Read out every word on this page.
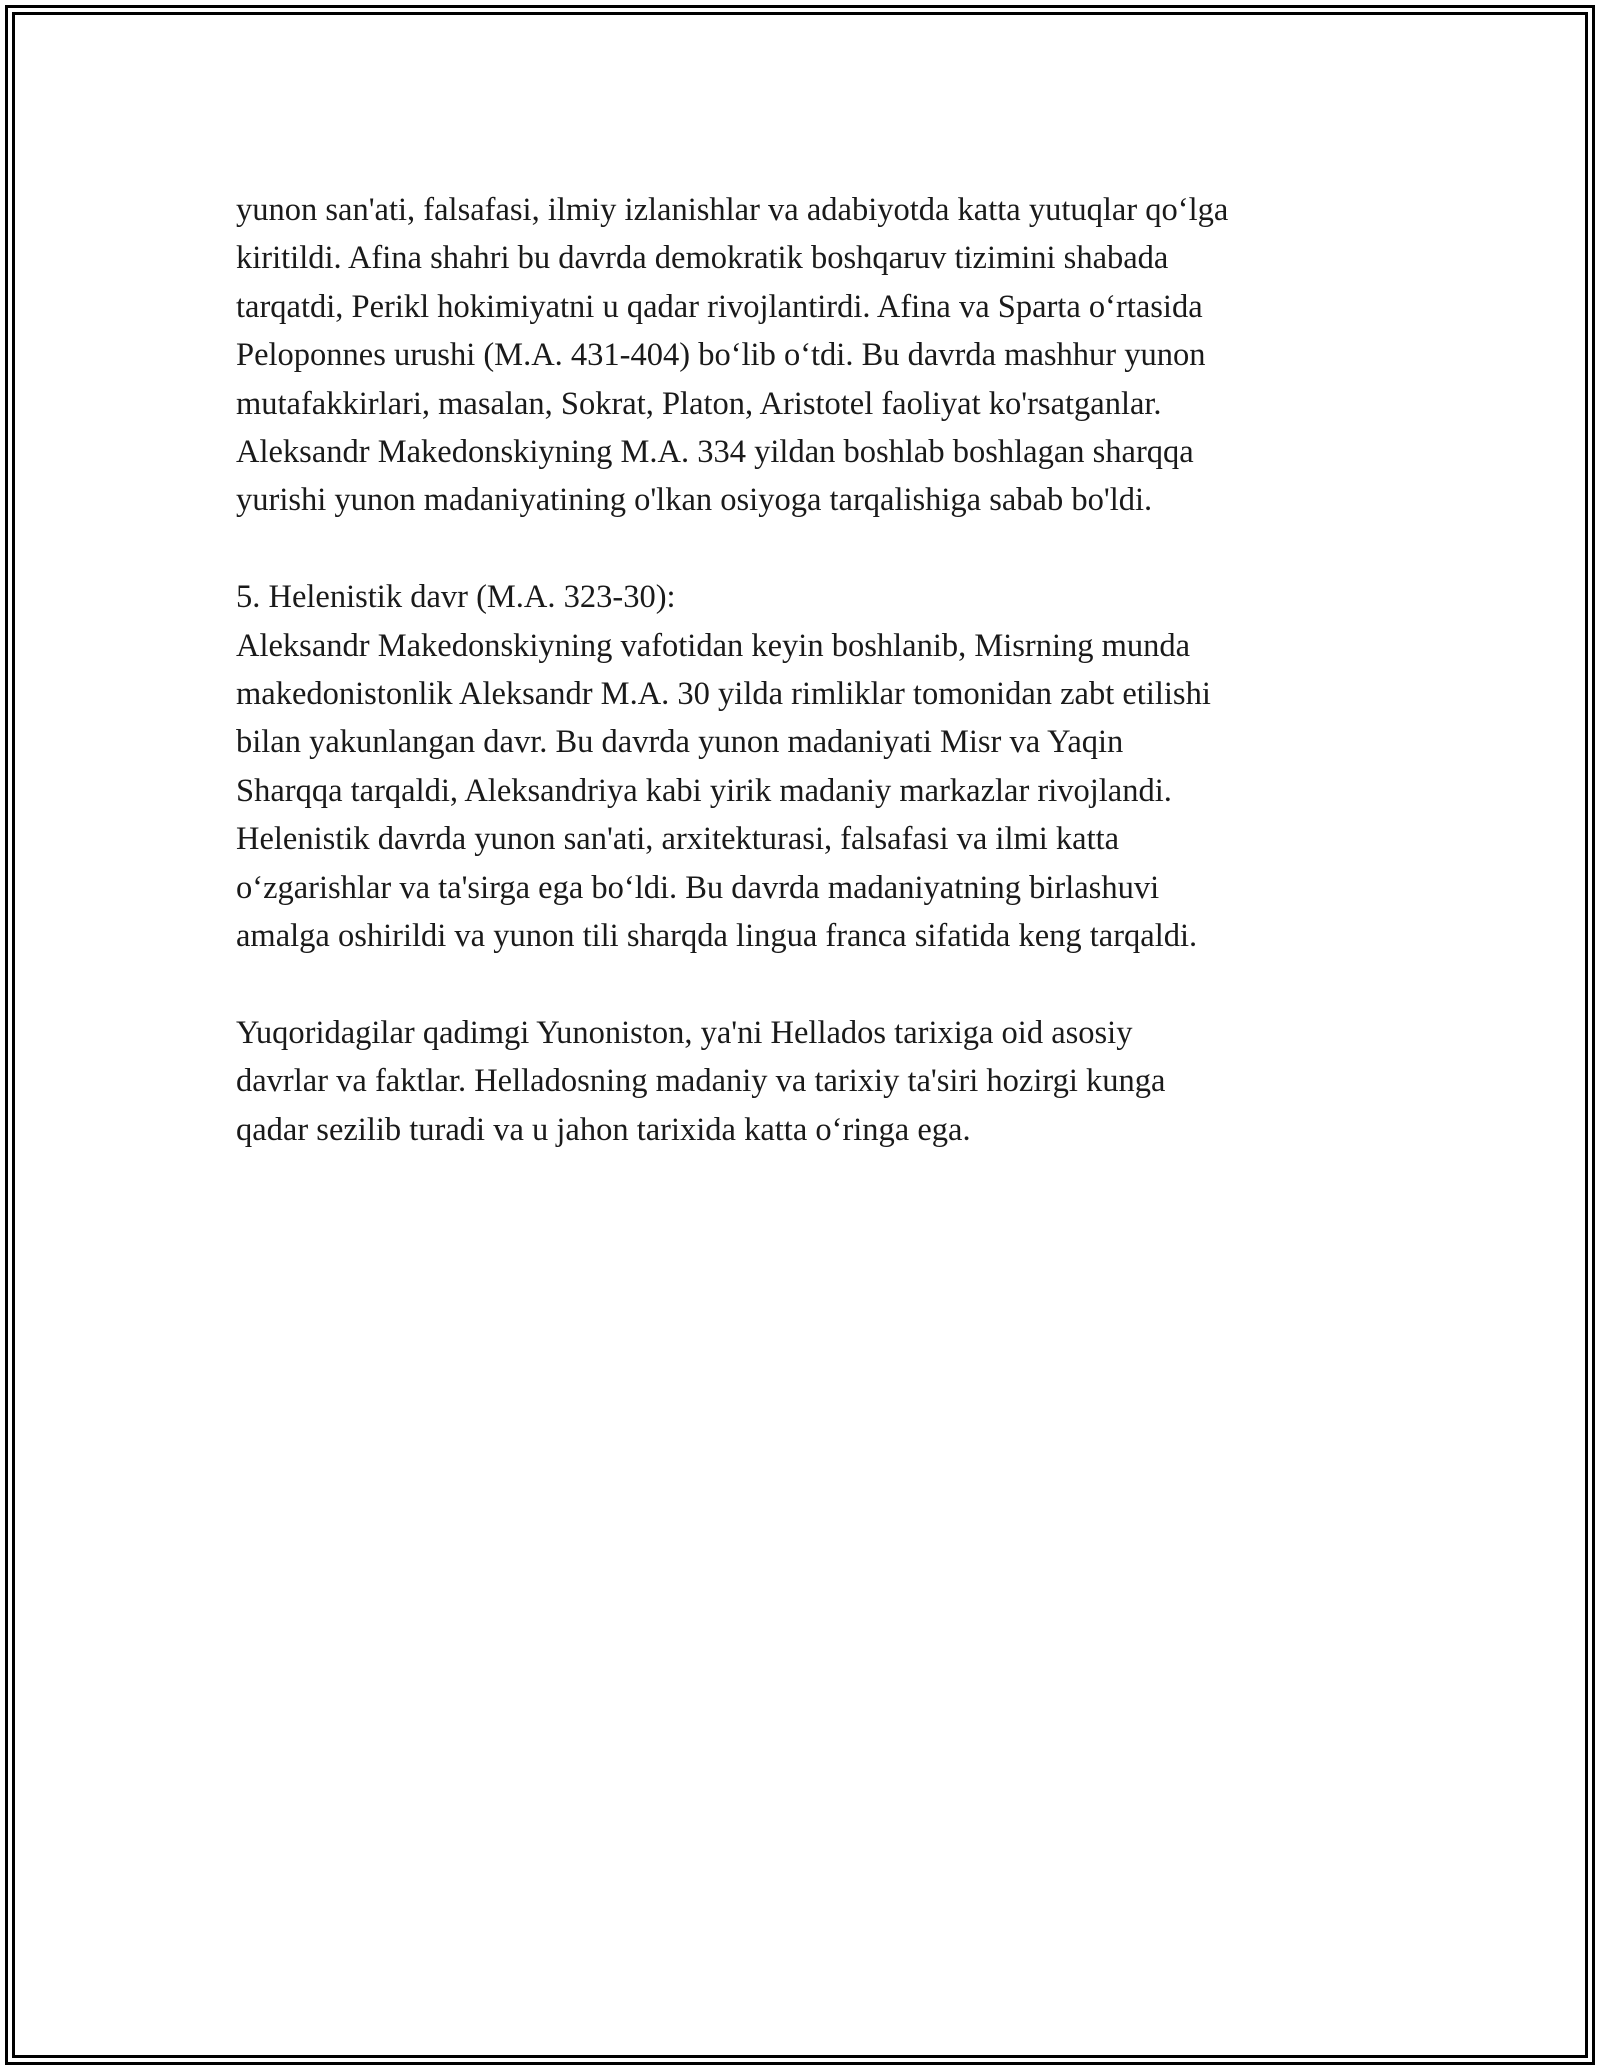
yunon san'ati, falsafasi, ilmiy izlanishlar va adabiyotda katta yutuqlar qo‘lga
kiritildi. Afina shahri bu davrda demokratik boshqaruv tizimini shabada
tarqatdi, Perikl hokimiyatni u qadar rivojlantirdi. Afina va Sparta o‘rtasida
Peloponnes urushi (M.A. 431-404) bo‘lib o‘tdi. Bu davrda mashhur yunon
mutafakkirlari, masalan, Sokrat, Platon, Aristotel faoliyat ko'rsatganlar.
Aleksandr Makedonskiyning M.A. 334 yildan boshlab boshlagan sharqqa
yurishi yunon madaniyatining o'lkan osiyoga tarqalishiga sabab bo'ldi.

5. Helenistik davr (M.A. 323-30):
Aleksandr Makedonskiyning vafotidan keyin boshlanib, Misrning munda
makedonistonlik Aleksandr M.A. 30 yilda rimliklar tomonidan zabt etilishi
bilan yakunlangan davr. Bu davrda yunon madaniyati Misr va Yaqin
Sharqqa tarqaldi, Aleksandriya kabi yirik madaniy markazlar rivojlandi.
Helenistik davrda yunon san'ati, arxitekturasi, falsafasi va ilmi katta
o‘zgarishlar va ta'sirga ega bo‘ldi. Bu davrda madaniyatning birlashuvi
amalga oshirildi va yunon tili sharqda lingua franca sifatida keng tarqaldi.

Yuqoridagilar qadimgi Yunoniston, ya'ni Hellados tarixiga oid asosiy
davrlar va faktlar. Helladosning madaniy va tarixiy ta'siri hozirgi kunga
qadar sezilib turadi va u jahon tarixida katta o‘ringa ega.
